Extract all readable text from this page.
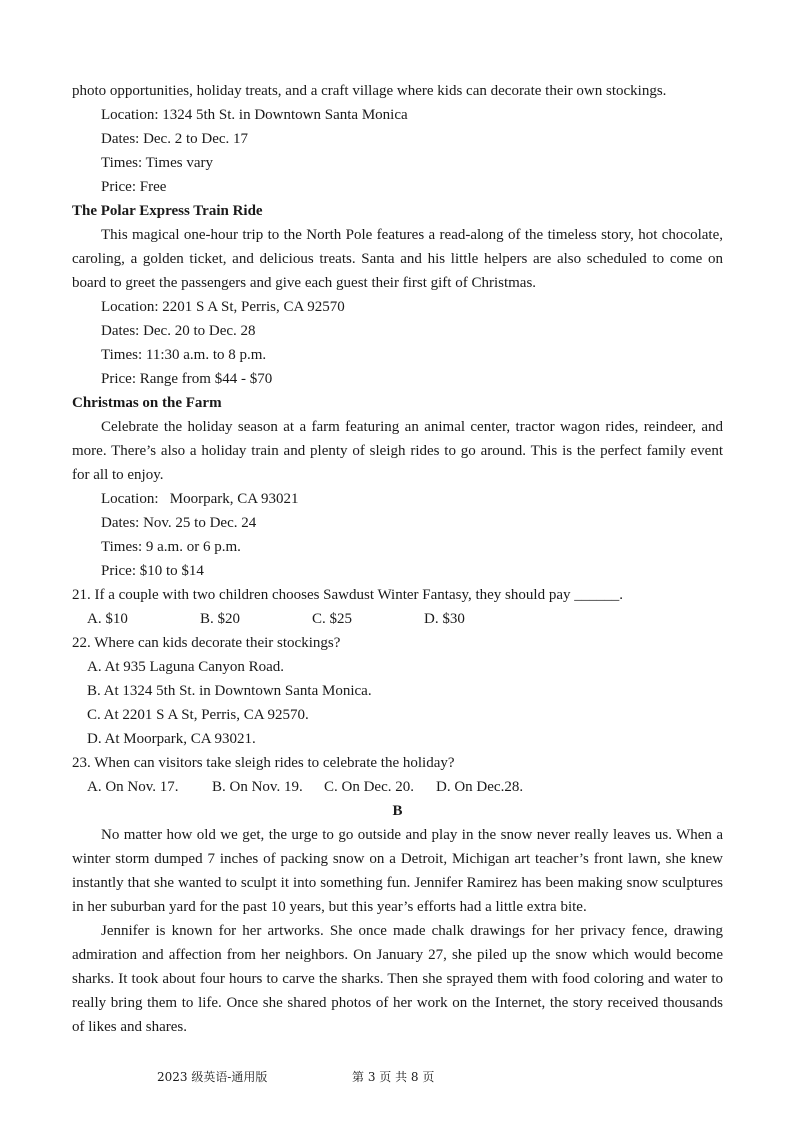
photo opportunities, holiday treats, and a craft village where kids can decorate their own stockings.

Location: 1324 5th St. in Downtown Santa Monica

Dates: Dec. 2 to Dec. 17

Times: Times vary

Price: Free

The Polar Express Train Ride

This magical one-hour trip to the North Pole features a read-along of the timeless story, hot chocolate, caroling, a golden ticket, and delicious treats. Santa and his little helpers are also scheduled to come on board to greet the passengers and give each guest their first gift of Christmas.

Location: 2201 S A St, Perris, CA 92570

Dates: Dec. 20 to Dec. 28

Times: 11:30 a.m. to 8 p.m.

Price: Range from $44 - $70

Christmas on the Farm

Celebrate the holiday season at a farm featuring an animal center, tractor wagon rides, reindeer, and more. There’s also a holiday train and plenty of sleigh rides to go around. This is the perfect family event for all to enjoy.

Location:   Moorpark, CA 93021

Dates: Nov. 25 to Dec. 24

Times: 9 a.m. or 6 p.m.

Price: $10 to $14

21. If a couple with two children chooses Sawdust Winter Fantasy, they should pay ______.

A. $10	B. $20	C. $25	D. $30

22. Where can kids decorate their stockings?

A. At 935 Laguna Canyon Road.

B. At 1324 5th St. in Downtown Santa Monica.

C. At 2201 S A St, Perris, CA 92570.

D. At Moorpark, CA 93021.

23. When can visitors take sleigh rides to celebrate the holiday?

A. On Nov. 17.	B. On Nov. 19.	C. On Dec. 20.	D. On Dec.28.

B

No matter how old we get, the urge to go outside and play in the snow never really leaves us. When a winter storm dumped 7 inches of packing snow on a Detroit, Michigan art teacher’s front lawn, she knew instantly that she wanted to sculpt it into something fun. Jennifer Ramirez has been making snow sculptures in her suburban yard for the past 10 years, but this year’s efforts had a little extra bite.

Jennifer is known for her artworks. She once made chalk drawings for her privacy fence, drawing admiration and affection from her neighbors. On January 27, she piled up the snow which would become sharks. It took about four hours to carve the sharks. Then she sprayed them with food coloring and water to really bring them to life. Once she shared photos of her work on the Internet, the story received thousands of likes and shares.

2023 级英语-通用版	第 3 页 共 8 页
